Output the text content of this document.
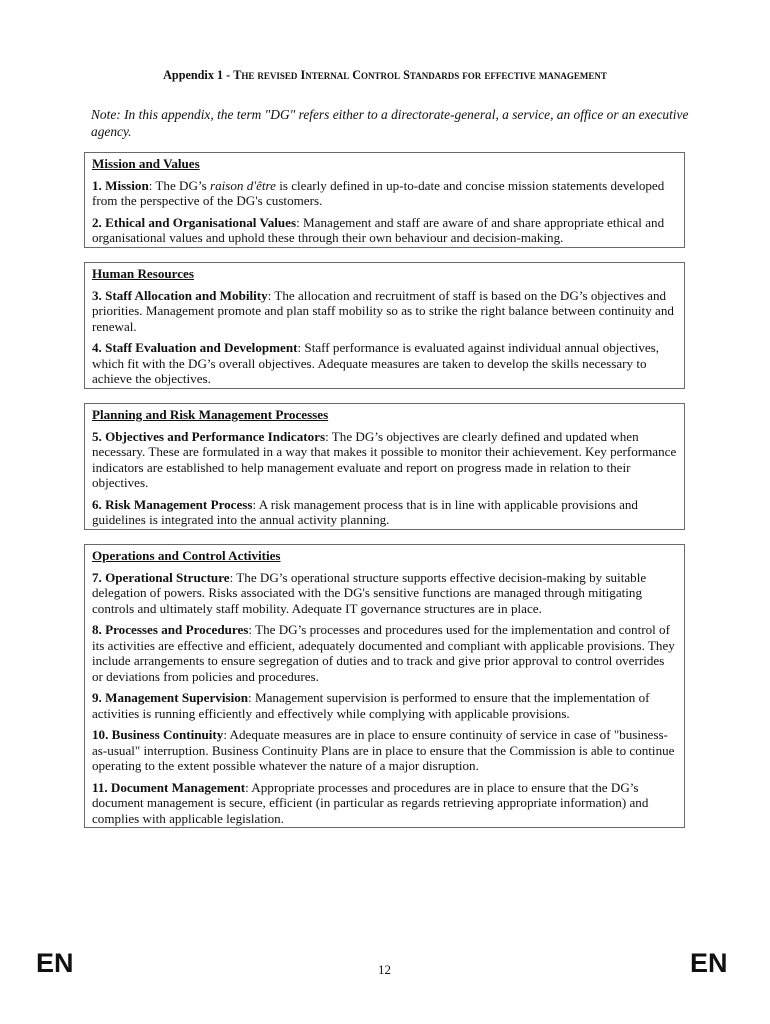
Appendix 1 - The revised Internal Control Standards for effective management
Note: In this appendix, the term "DG" refers either to a directorate-general, a service, an office or an executive agency.
Mission and Values
1. Mission: The DG’s raison d'être is clearly defined in up-to-date and concise mission statements developed from the perspective of the DG's customers.
2. Ethical and Organisational Values: Management and staff are aware of and share appropriate ethical and organisational values and uphold these through their own behaviour and decision-making.
Human Resources
3. Staff Allocation and Mobility: The allocation and recruitment of staff is based on the DG’s objectives and priorities. Management promote and plan staff mobility so as to strike the right balance between continuity and renewal.
4. Staff Evaluation and Development: Staff performance is evaluated against individual annual objectives, which fit with the DG’s overall objectives. Adequate measures are taken to develop the skills necessary to achieve the objectives.
Planning and Risk Management Processes
5. Objectives and Performance Indicators: The DG’s objectives are clearly defined and updated when necessary. These are formulated in a way that makes it possible to monitor their achievement. Key performance indicators are established to help management evaluate and report on progress made in relation to their objectives.
6. Risk Management Process: A risk management process that is in line with applicable provisions and guidelines is integrated into the annual activity planning.
Operations and Control Activities
7. Operational Structure: The DG’s operational structure supports effective decision-making by suitable delegation of powers. Risks associated with the DG's sensitive functions are managed through mitigating controls and ultimately staff mobility. Adequate IT governance structures are in place.
8. Processes and Procedures: The DG’s processes and procedures used for the implementation and control of its activities are effective and efficient, adequately documented and compliant with applicable provisions. They include arrangements to ensure segregation of duties and to track and give prior approval to control overrides or deviations from policies and procedures.
9. Management Supervision: Management supervision is performed to ensure that the implementation of activities is running efficiently and effectively while complying with applicable provisions.
10. Business Continuity: Adequate measures are in place to ensure continuity of service in case of "business-as-usual" interruption. Business Continuity Plans are in place to ensure that the Commission is able to continue operating to the extent possible whatever the nature of a major disruption.
11. Document Management: Appropriate processes and procedures are in place to ensure that the DG’s document management is secure, efficient (in particular as regards retrieving appropriate information) and complies with applicable legislation.
EN	12	EN
